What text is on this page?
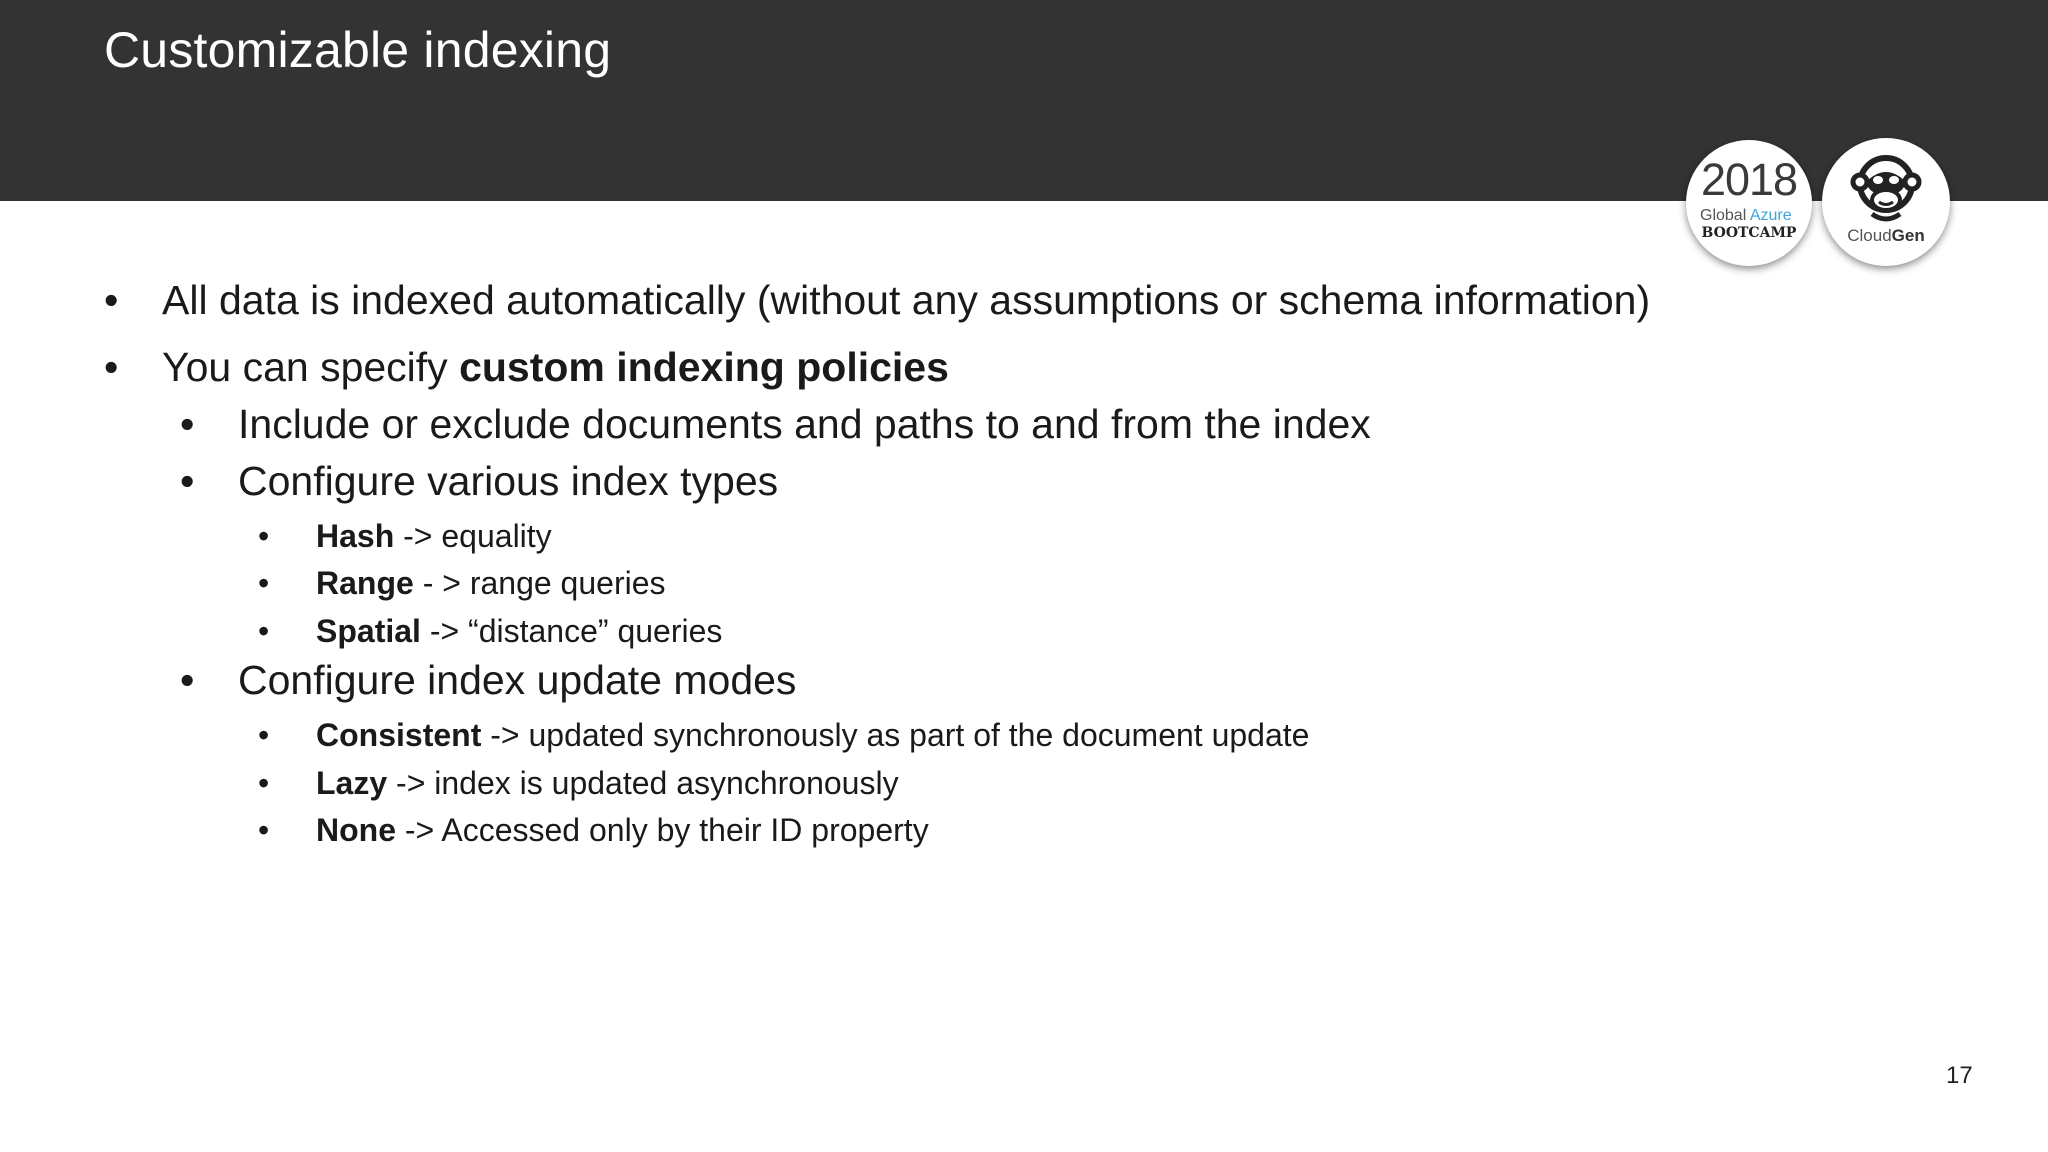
Customizable indexing
2018
Global Azure
BOOTCAMP	CloudGen
• All data is indexed automatically (without any assumptions or schema information)
• You can specify custom indexing policies
• Include or exclude documents and paths to and from the index
• Configure various index types
• Hash -> equality
• Range - > range queries
• Spatial -> “distance” queries
• Configure index update modes
• Consistent -> updated synchronously as part of the document update
• Lazy -> index is updated asynchronously
• None -> Accessed only by their ID property
17
